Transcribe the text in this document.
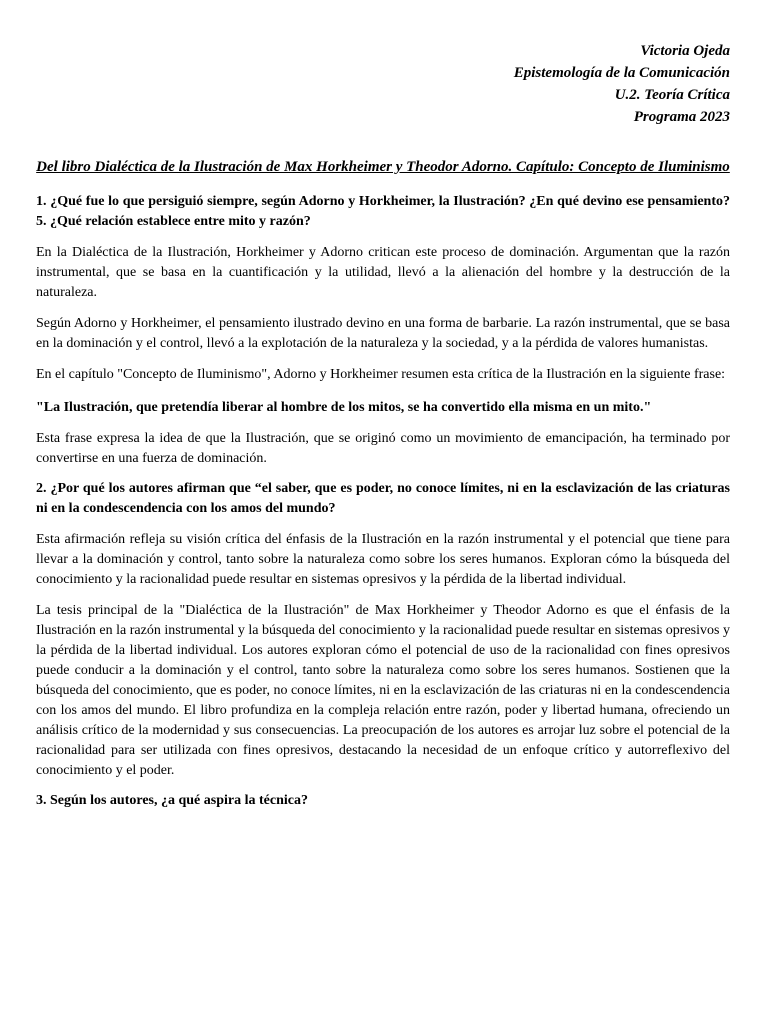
Victoria Ojeda
Epistemología de la Comunicación
U.2. Teoría Crítica
Programa 2023
Del libro Dialéctica de la Ilustración de Max Horkheimer y Theodor Adorno. Capítulo: Concepto de Iluminismo
1. ¿Qué fue lo que persiguió siempre, según Adorno y Horkheimer, la Ilustración? ¿En qué devino ese pensamiento? 5. ¿Qué relación establece entre mito y razón?
En la Dialéctica de la Ilustración, Horkheimer y Adorno critican este proceso de dominación. Argumentan que la razón instrumental, que se basa en la cuantificación y la utilidad, llevó a la alienación del hombre y la destrucción de la naturaleza.
Según Adorno y Horkheimer, el pensamiento ilustrado devino en una forma de barbarie. La razón instrumental, que se basa en la dominación y el control, llevó a la explotación de la naturaleza y la sociedad, y a la pérdida de valores humanistas.
En el capítulo "Concepto de Iluminismo", Adorno y Horkheimer resumen esta crítica de la Ilustración en la siguiente frase:
"La Ilustración, que pretendía liberar al hombre de los mitos, se ha convertido ella misma en un mito."
Esta frase expresa la idea de que la Ilustración, que se originó como un movimiento de emancipación, ha terminado por convertirse en una fuerza de dominación.
2. ¿Por qué los autores afirman que “el saber, que es poder, no conoce límites, ni en la esclavización de las criaturas ni en la condescendencia con los amos del mundo?
Esta afirmación refleja su visión crítica del énfasis de la Ilustración en la razón instrumental y el potencial que tiene para llevar a la dominación y control, tanto sobre la naturaleza como sobre los seres humanos. Exploran cómo la búsqueda del conocimiento y la racionalidad puede resultar en sistemas opresivos y la pérdida de la libertad individual.
La tesis principal de la "Dialéctica de la Ilustración" de Max Horkheimer y Theodor Adorno es que el énfasis de la Ilustración en la razón instrumental y la búsqueda del conocimiento y la racionalidad puede resultar en sistemas opresivos y la pérdida de la libertad individual. Los autores exploran cómo el potencial de uso de la racionalidad con fines opresivos puede conducir a la dominación y el control, tanto sobre la naturaleza como sobre los seres humanos. Sostienen que la búsqueda del conocimiento, que es poder, no conoce límites, ni en la esclavización de las criaturas ni en la condescendencia con los amos del mundo. El libro profundiza en la compleja relación entre razón, poder y libertad humana, ofreciendo un análisis crítico de la modernidad y sus consecuencias. La preocupación de los autores es arrojar luz sobre el potencial de la racionalidad para ser utilizada con fines opresivos, destacando la necesidad de un enfoque crítico y autorreflexivo del conocimiento y el poder.
3. Según los autores, ¿a qué aspira la técnica?
